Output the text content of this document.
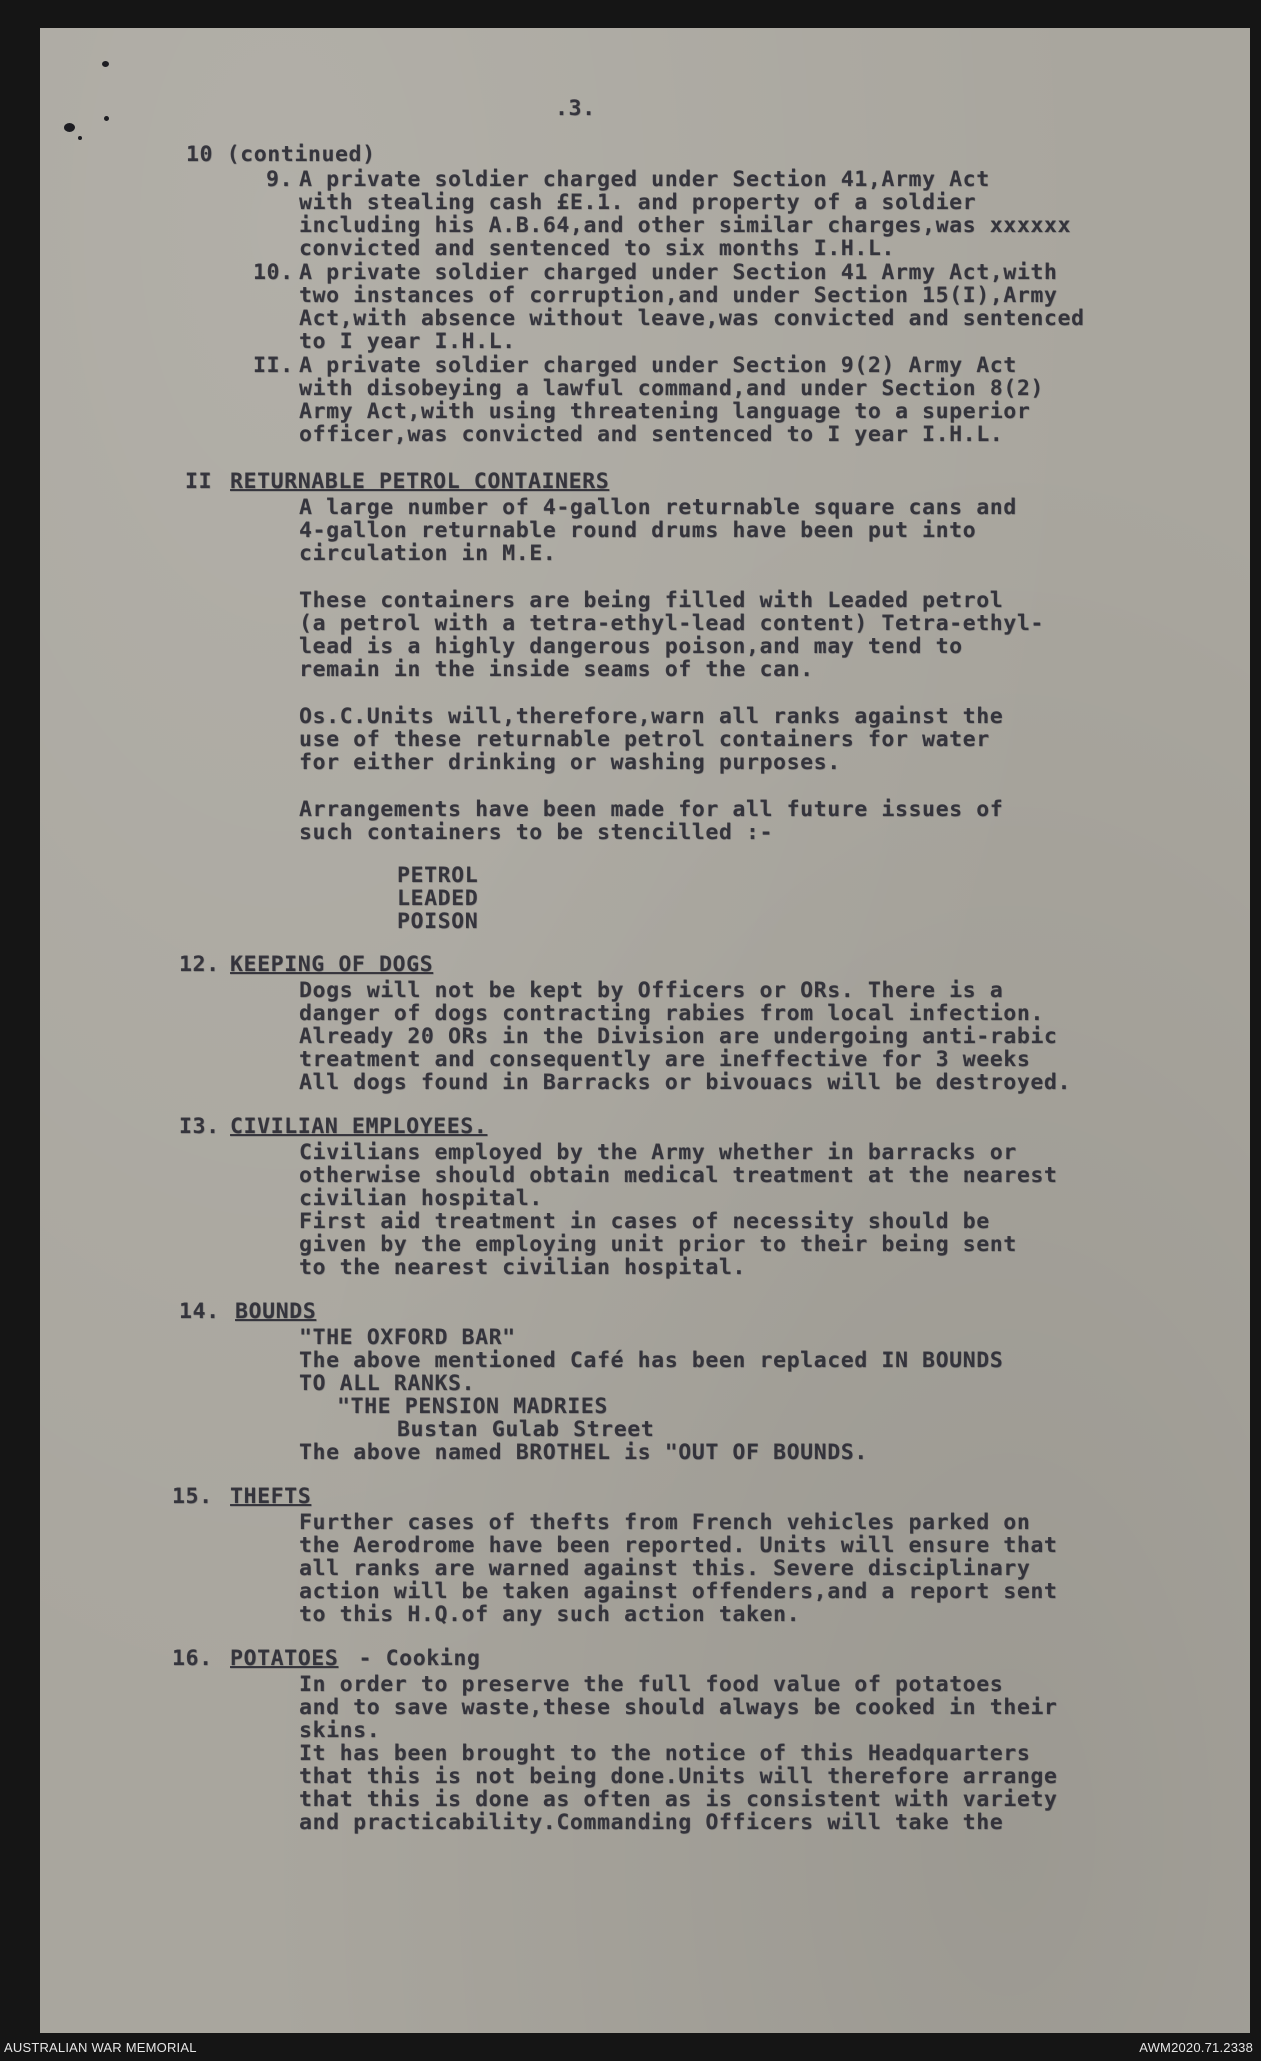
.3.
10 (continued)
9. A private soldier charged under Section 41,Army Act
with stealing cash £E.1. and property of a soldier
including his A.B.64,and other similar charges,was xxxxxx
convicted and sentenced to six months I.H.L.
10. A private soldier charged under Section 41 Army Act,with
two instances of corruption,and under Section 15(I),Army
Act,with absence without leave,was convicted and sentenced
to I year I.H.L.
II. A private soldier charged under Section 9(2) Army Act
with disobeying a lawful command,and under Section 8(2)
Army Act,with using threatening language to a superior
officer,was convicted and sentenced to I year I.H.L.
II RETURNABLE PETROL CONTAINERS
A large number of 4-gallon returnable square cans and
4-gallon returnable round drums have been put into
circulation in M.E.
These containers are being filled with Leaded petrol
(a petrol with a tetra-ethyl-lead content) Tetra-ethyl-
lead is a highly dangerous poison,and may tend to
remain in the inside seams of the can.
Os.C.Units will,therefore,warn all ranks against the
use of these returnable petrol containers for water
for either drinking or washing purposes.
Arrangements have been made for all future issues of
such containers to be stencilled :-
PETROL
LEADED
POISON
12. KEEPING OF DOGS
Dogs will not be kept by Officers or ORs. There is a
danger of dogs contracting rabies from local infection.
Already 20 ORs in the Division are undergoing anti-rabic
treatment and consequently are ineffective for 3 weeks
All dogs found in Barracks or bivouacs will be destroyed.
I3. CIVILIAN EMPLOYEES.
Civilians employed by the Army whether in barracks or
otherwise should obtain medical treatment at the nearest
civilian hospital.
First aid treatment in cases of necessity should be
given by the employing unit prior to their being sent
to the nearest civilian hospital.
14. BOUNDS
"THE OXFORD BAR"
The above mentioned Café has been replaced IN BOUNDS
TO ALL RANKS.
"THE PENSION MADRIES
Bustan Gulab Street
The above named BROTHEL is "OUT OF BOUNDS.
15. THEFTS
Further cases of thefts from French vehicles parked on
the Aerodrome have been reported. Units will ensure that
all ranks are warned against this. Severe disciplinary
action will be taken against offenders,and a report sent
to this H.Q.of any such action taken.
16. POTATOES - Cooking
In order to preserve the full food value of potatoes
and to save waste,these should always be cooked in their
skins.
It has been brought to the notice of this Headquarters
that this is not being done.Units will therefore arrange
that this is done as often as is consistent with variety
and practicability.Commanding Officers will take the
AUSTRALIAN WAR MEMORIAL	AWM2020.71.2338
